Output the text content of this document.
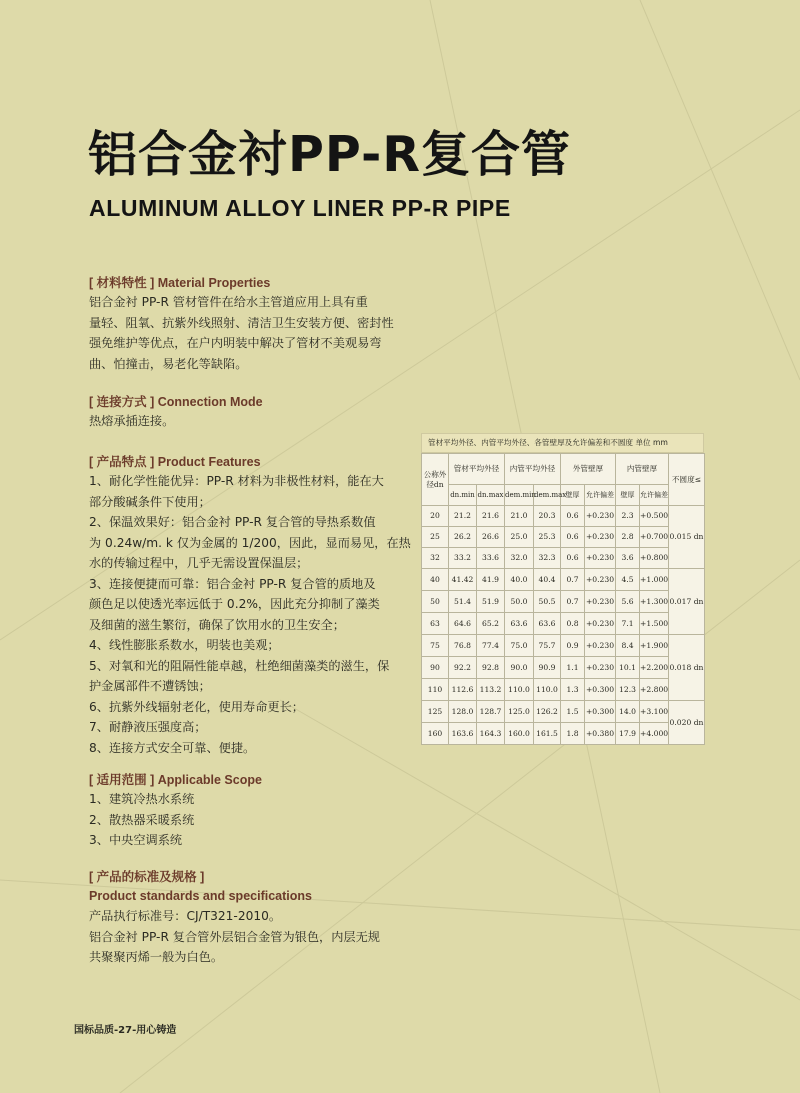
铝合金衬PP-R复合管
ALUMINUM ALLOY LINER PP-R PIPE
[ 材料特性 ] Material Properties
铝合金衬 PP-R 管材管件在给水主管道应用上具有重
量轻、阻氧、抗紫外线照射、清洁卫生安装方便、密封性
强免维护等优点，在户内明装中解决了管材不美观易弯
曲、怕撞击，易老化等缺陷。
[ 连接方式 ] Connection Mode
热熔承插连接。
[ 产品特点 ] Product Features
1、耐化学性能优异：PP-R 材料为非极性材料，能在大
部分酸碱条件下使用；
2、保温效果好：铝合金衬 PP-R 复合管的导热系数值
为 0.24w/m. k 仅为金属的 1/200，因此，显而易见，在热
水的传输过程中，几乎无需设置保温层；
3、连接便捷而可靠：铝合金衬 PP-R 复合管的质地及
颜色足以使透光率远低于 0.2%，因此充分抑制了藻类
及细菌的滋生繁衍，确保了饮用水的卫生安全；
4、线性膨胀系数水，明装也美观；
5、对氧和光的阻隔性能卓越，杜绝细菌藻类的滋生，保
护金属部件不遭锈蚀；
6、抗紫外线辐射老化，使用寿命更长；
7、耐静液压强度高；
8、连接方式安全可靠、便捷。
[ 适用范围 ] Applicable Scope
1、建筑冷热水系统
2、散热器采暖系统
3、中央空调系统
[ 产品的标准及规格 ]
Product standards and specifications
产品执行标准号：CJ/T321-2010。
铝合金衬 PP-R 复合管外层铝合金管为银色，内层无规
共聚聚丙烯一般为白色。
管材平均外径、内管平均外径、各管壁厚及允许偏差和不圆度 单位 mm
公称外径dn	管材平均外径		内管平均外径		外管壁厚		内管壁厚		不圆度≤
	dn.min	dn.max	dem.min	dem.max	壁厚	允许偏差	壁厚	允许偏差	
20	21.2	21.6	21.0	20.3	0.6	+0.230	2.3	+0.500	0.015 dn
25	26.2	26.6	25.0	25.3	0.6	+0.230	2.8	+0.700	
32	33.2	33.6	32.0	32.3	0.6	+0.230	3.6	+0.800	
40	41.42	41.9	40.0	40.4	0.7	+0.230	4.5	+1.000	0.017 dn
50	51.4	51.9	50.0	50.5	0.7	+0.230	5.6	+1.300	
63	64.6	65.2	63.6	63.6	0.8	+0.230	7.1	+1.500	
75	76.8	77.4	75.0	75.7	0.9	+0.230	8.4	+1.900	0.018 dn
90	92.2	92.8	90.0	90.9	1.1	+0.230	10.1	+2.200	
110	112.6	113.2	110.0	110.0	1.3	+0.300	12.3	+2.800	
125	128.0	128.7	125.0	126.2	1.5	+0.300	14.0	+3.100	0.020 dn
160	163.6	164.3	160.0	161.5	1.8	+0.380	17.9	+4.000	
国标品质-27-用心铸造
